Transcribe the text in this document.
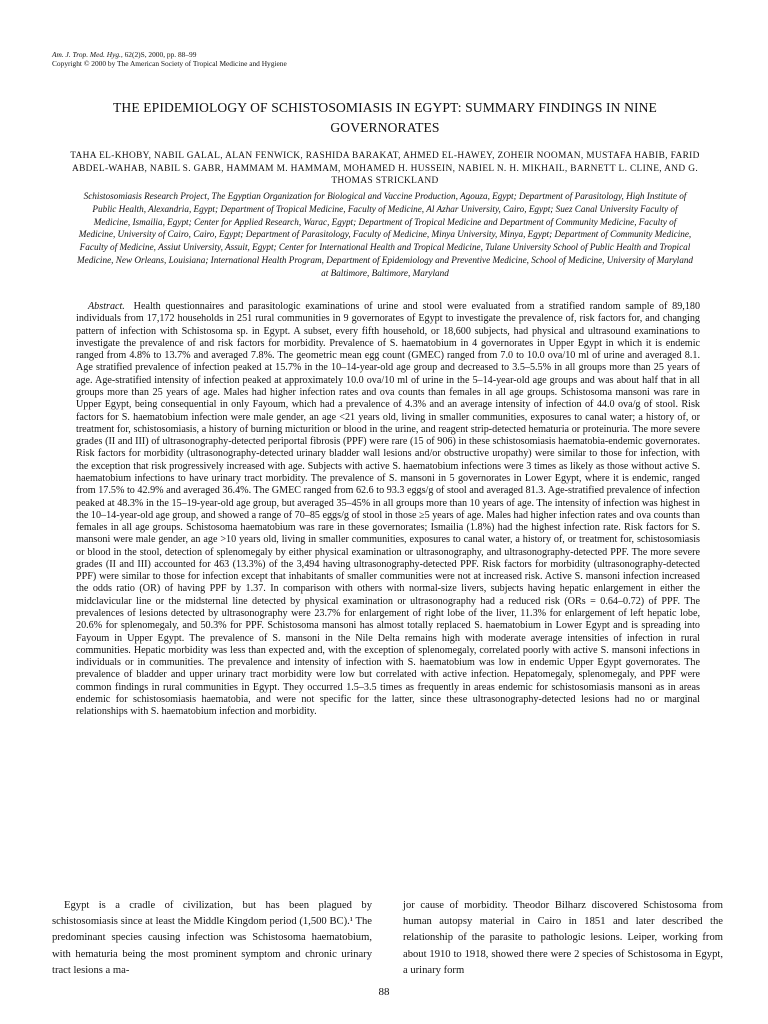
Am. J. Trop. Med. Hyg., 62(2)S, 2000, pp. 88–99
Copyright © 2000 by The American Society of Tropical Medicine and Hygiene
THE EPIDEMIOLOGY OF SCHISTOSOMIASIS IN EGYPT: SUMMARY FINDINGS IN NINE GOVERNORATES
TAHA EL-KHOBY, NABIL GALAL, ALAN FENWICK, RASHIDA BARAKAT, AHMED EL-HAWEY, ZOHEIR NOOMAN, MUSTAFA HABIB, FARID ABDEL-WAHAB, NABIL S. GABR, HAMMAM M. HAMMAM, MOHAMED H. HUSSEIN, NABIEL N. H. MIKHAIL, BARNETT L. CLINE, AND G. THOMAS STRICKLAND
Schistosomiasis Research Project, The Egyptian Organization for Biological and Vaccine Production, Agouza, Egypt; Department of Parasitology, High Institute of Public Health, Alexandria, Egypt; Department of Tropical Medicine, Faculty of Medicine, Al Azhar University, Cairo, Egypt; Suez Canal University Faculty of Medicine, Ismailia, Egypt; Center for Applied Research, Warac, Egypt; Department of Tropical Medicine and Department of Community Medicine, Faculty of Medicine, University of Cairo, Cairo, Egypt; Department of Parasitology, Faculty of Medicine, Minya University, Minya, Egypt; Department of Community Medicine, Faculty of Medicine, Assiut University, Assuit, Egypt; Center for International Health and Tropical Medicine, Tulane University School of Public Health and Tropical Medicine, New Orleans, Louisiana; International Health Program, Department of Epidemiology and Preventive Medicine, School of Medicine, University of Maryland at Baltimore, Baltimore, Maryland
Abstract. Health questionnaires and parasitologic examinations of urine and stool were evaluated from a stratified random sample of 89,180 individuals from 17,172 households in 251 rural communities in 9 governorates of Egypt to investigate the prevalence of, risk factors for, and changing pattern of infection with Schistosoma sp. in Egypt. A subset, every fifth household, or 18,600 subjects, had physical and ultrasound examinations to investigate the prevalence of and risk factors for morbidity. Prevalence of S. haematobium in 4 governorates in Upper Egypt in which it is endemic ranged from 4.8% to 13.7% and averaged 7.8%. The geometric mean egg count (GMEC) ranged from 7.0 to 10.0 ova/10 ml of urine and averaged 8.1. Age stratified prevalence of infection peaked at 15.7% in the 10–14-year-old age group and decreased to 3.5–5.5% in all groups more than 25 years of age. Age-stratified intensity of infection peaked at approximately 10.0 ova/10 ml of urine in the 5–14-year-old age groups and was about half that in all groups more than 25 years of age. Males had higher infection rates and ova counts than females in all age groups. Schistosoma mansoni was rare in Upper Egypt, being consequential in only Fayoum, which had a prevalence of 4.3% and an average intensity of infection of 44.0 ova/g of stool. Risk factors for S. haematobium infection were male gender, an age <21 years old, living in smaller communities, exposures to canal water; a history of, or treatment for, schistosomiasis, a history of burning micturition or blood in the urine, and reagent strip-detected hematuria or proteinuria. The more severe grades (II and III) of ultrasonography-detected periportal fibrosis (PPF) were rare (15 of 906) in these schistosomiasis haematobia-endemic governorates. Risk factors for morbidity (ultrasonography-detected urinary bladder wall lesions and/or obstructive uropathy) were similar to those for infection, with the exception that risk progressively increased with age. Subjects with active S. haematobium infections were 3 times as likely as those without active S. haematobium infections to have urinary tract morbidity. The prevalence of S. mansoni in 5 governorates in Lower Egypt, where it is endemic, ranged from 17.5% to 42.9% and averaged 36.4%. The GMEC ranged from 62.6 to 93.3 eggs/g of stool and averaged 81.3. Age-stratified prevalence of infection peaked at 48.3% in the 15–19-year-old age group, but averaged 35–45% in all groups more than 10 years of age. The intensity of infection was highest in the 10–14-year-old age group, and showed a range of 70–85 eggs/g of stool in those ≥5 years of age. Males had higher infection rates and ova counts than females in all age groups. Schistosoma haematobium was rare in these governorates; Ismailia (1.8%) had the highest infection rate. Risk factors for S. mansoni were male gender, an age >10 years old, living in smaller communities, exposures to canal water, a history of, or treatment for, schistosomiasis or blood in the stool, detection of splenomegaly by either physical examination or ultrasonography, and ultrasonography-detected PPF. The more severe grades (II and III) accounted for 463 (13.3%) of the 3,494 having ultrasonography-detected PPF. Risk factors for morbidity (ultrasonography-detected PPF) were similar to those for infection except that inhabitants of smaller communities were not at increased risk. Active S. mansoni infection increased the odds ratio (OR) of having PPF by 1.37. In comparison with others with normal-size livers, subjects having hepatic enlargement in either the midclavicular line or the midsternal line detected by physical examination or ultrasonography had a reduced risk (ORs = 0.64–0.72) of PPF. The prevalences of lesions detected by ultrasonography were 23.7% for enlargement of right lobe of the liver, 11.3% for enlargement of left hepatic lobe, 20.6% for splenomegaly, and 50.3% for PPF. Schistosoma mansoni has almost totally replaced S. haematobium in Lower Egypt and is spreading into Fayoum in Upper Egypt. The prevalence of S. mansoni in the Nile Delta remains high with moderate average intensities of infection in rural communities. Hepatic morbidity was less than expected and, with the exception of splenomegaly, correlated poorly with active S. mansoni infections in individuals or in communities. The prevalence and intensity of infection with S. haematobium was low in endemic Upper Egypt governorates. The prevalence of bladder and upper urinary tract morbidity were low but correlated with active infection. Hepatomegaly, splenomegaly, and PPF were common findings in rural communities in Egypt. They occurred 1.5–3.5 times as frequently in areas endemic for schistosomiasis mansoni as in areas endemic for schistosomiasis haematobia, and were not specific for the latter, since these ultrasonography-detected lesions had no or marginal relationships with S. haematobium infection and morbidity.

Egypt is a cradle of civilization, but has been plagued by schistosomiasis since at least the Middle Kingdom period (1,500 BC).¹ The predominant species causing infection was Schistosoma haematobium, with hematuria being the most prominent symptom and chronic urinary tract lesions a ma-

jor cause of morbidity. Theodor Bilharz discovered Schistosoma from human autopsy material in Cairo in 1851 and later described the relationship of the parasite to pathologic lesions. Leiper, working from about 1910 to 1918, showed there were 2 species of Schistosoma in Egypt, a urinary form

88
